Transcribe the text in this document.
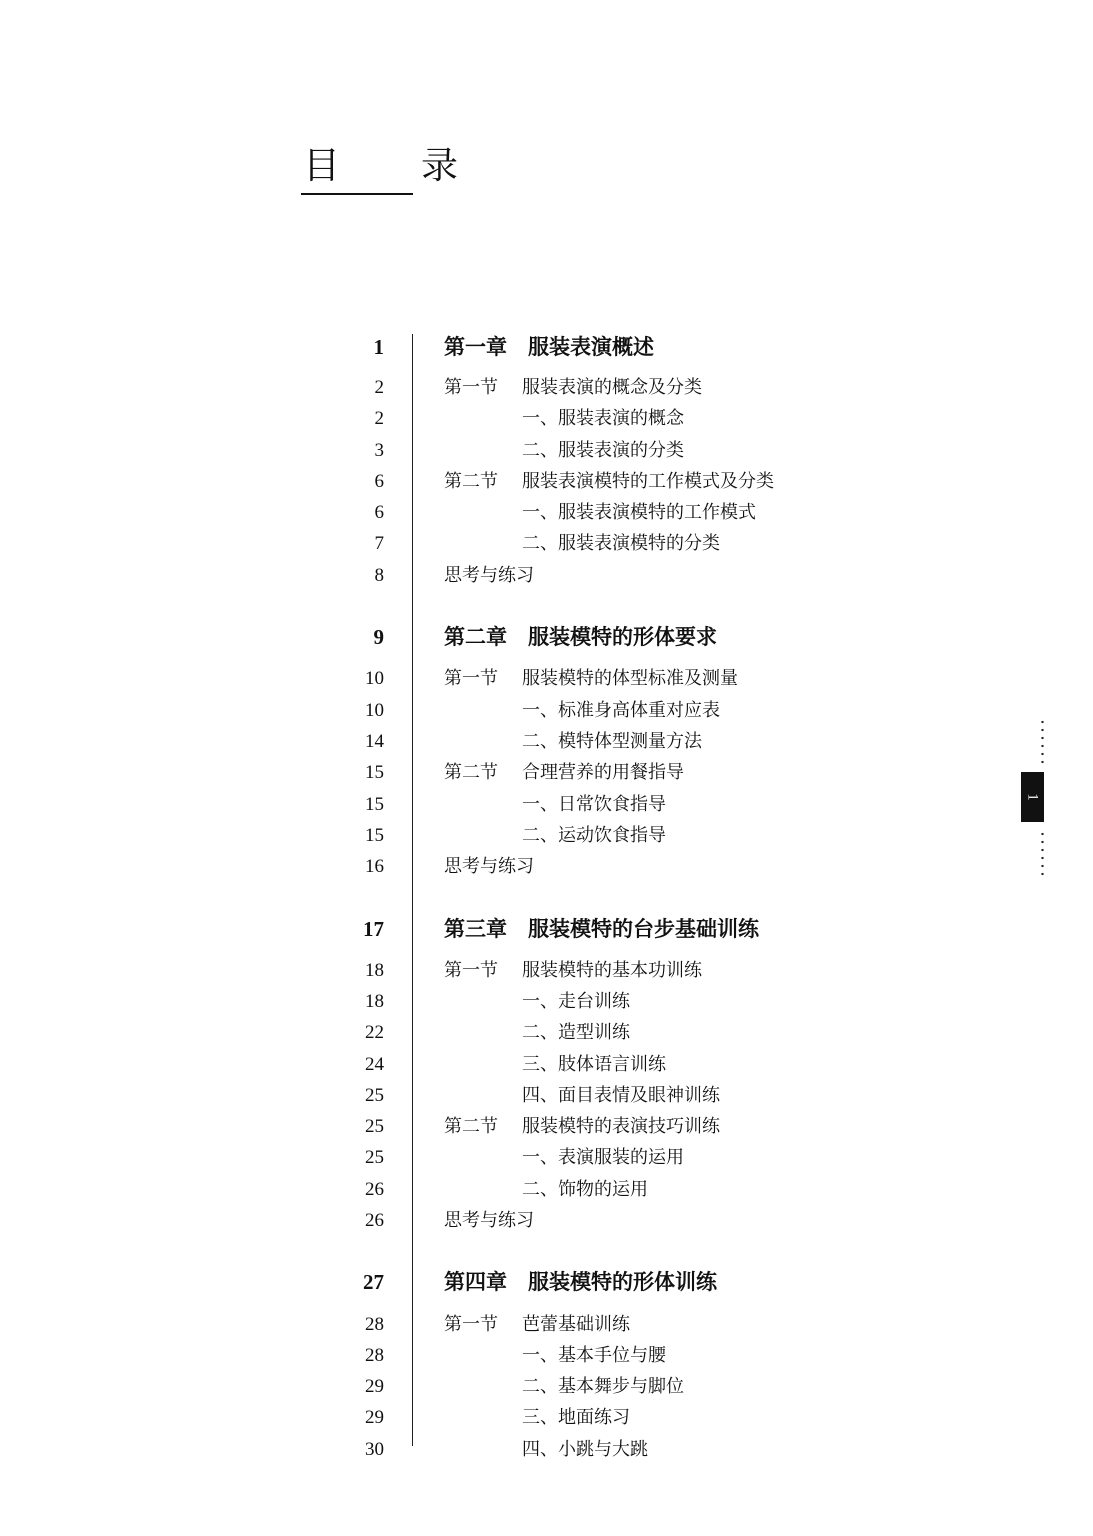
目　录
1	第一章　服装表演概述
2	第一节 服装表演的概念及分类
2	一、服装表演的概念
3	二、服装表演的分类
6	第二节 服装表演模特的工作模式及分类
6	一、服装表演模特的工作模式
7	二、服装表演模特的分类
8	思考与练习
9	第二章　服装模特的形体要求
10	第一节 服装模特的体型标准及测量
10	一、标准身高体重对应表
14	二、模特体型测量方法
15	第二节 合理营养的用餐指导
15	一、日常饮食指导
15	二、运动饮食指导
16	思考与练习
17	第三章　服装模特的台步基础训练
18	第一节 服装模特的基本功训练
18	一、走台训练
22	二、造型训练
24	三、肢体语言训练
25	四、面目表情及眼神训练
25	第二节 服装模特的表演技巧训练
25	一、表演服装的运用
26	二、饰物的运用
26	思考与练习
27	第四章　服装模特的形体训练
28	第一节 芭蕾基础训练
28	一、基本手位与腰
29	二、基本舞步与脚位
29	三、地面练习
30	四、小跳与大跳
1
